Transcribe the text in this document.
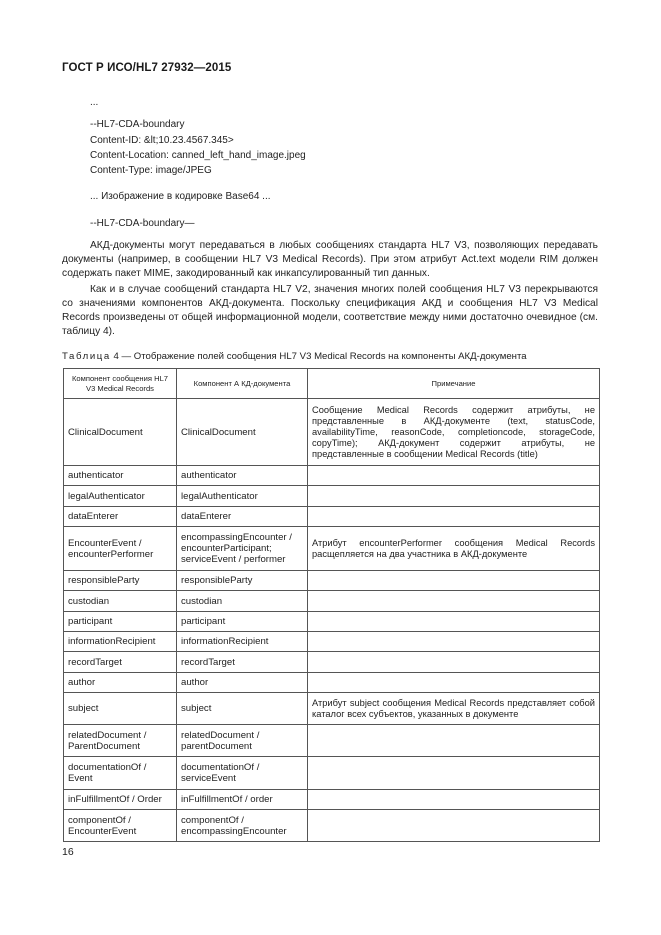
ГОСТ Р ИСО/HL7 27932—2015
...
--HL7-CDA-boundary
Content-ID: &lt;10.23.4567.345>
Content-Location: canned_left_hand_image.jpeg
Content-Type: image/JPEG
... Изображение в кодировке Base64 ...
--HL7-CDA-boundary—
АКД-документы могут передаваться в любых сообщениях стандарта HL7 V3, позволяющих передавать документы (например, в сообщении HL7 V3 Medical Records). При этом атрибут Act.text модели RIM должен содержать пакет MIME, закодированный как инкапсулированный тип данных.
Как и в случае сообщений стандарта HL7 V2, значения многих полей сообщения HL7 V3 перекрываются со значениями компонентов АКД-документа. Поскольку спецификация АКД и сообщения HL7 V3 Medical Records произведены от общей информационной модели, соответствие между ними достаточно очевидное (см. таблицу 4).
Таблица 4 — Отображение полей сообщения HL7 V3 Medical Records на компоненты АКД-документа
Компонент сообщения HL7 V3 Medical Records	Компонент А КД-документа	Примечание
ClinicalDocument	ClinicalDocument	Сообщение Medical Records содержит атрибуты, не представленные в АКД-документе (text, statusCode, availabilityTime, reasonCode, completioncode, storageCode, copyTime); АКД-документ содержит атрибуты, не представленные в сообщении Medical Records (title)
authenticator	authenticator	
legalAuthenticator	legalAuthenticator	
dataEnterer	dataEnterer	
EncounterEvent / encounterPerformer	encompassingEncounter / encounterParticipant; serviceEvent / performer	Атрибут encounterPerformer сообщения Medical Records расщепляется на два участника в АКД-документе
responsibleParty	responsibleParty	
custodian	custodian	
participant	participant	
informationRecipient	informationRecipient	
recordTarget	recordTarget	
author	author	
subject	subject	Атрибут subject сообщения Medical Records представляет собой каталог всех субъектов, указанных в документе
relatedDocument / ParentDocument	relatedDocument / parentDocument	
documentationOf / Event	documentationOf / serviceEvent	
inFulfillmentOf / Order	inFulfillmentOf / order	
componentOf / EncounterEvent	componentOf / encompassingEncounter	
16
